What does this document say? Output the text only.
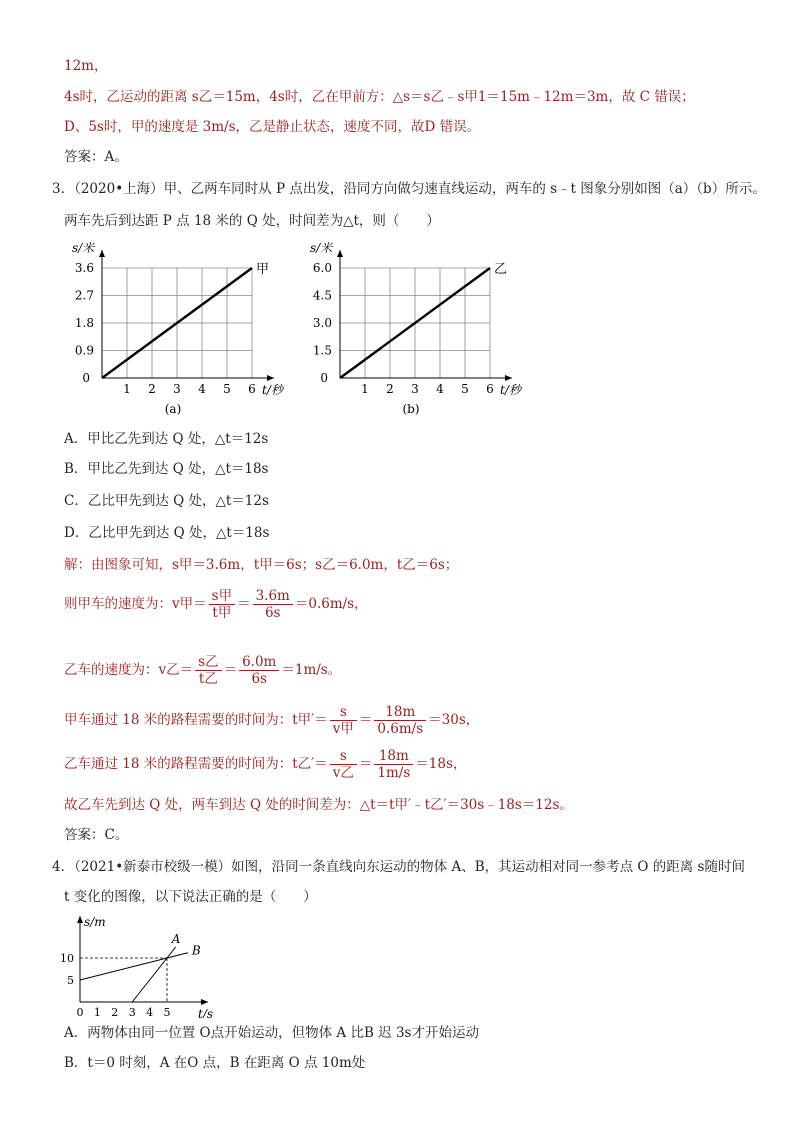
12m，
4s时，乙运动的距离 s乙＝15m，4s时，乙在甲前方：△s＝s乙﹣s甲1＝15m﹣12m＝3m，故 C 错误；
D、5s时，甲的速度是 3m/s，乙是静止状态，速度不同，故D 错误。
答案：A。
3．（2020•上海）甲、乙两车同时从 P 点出发，沿同方向做匀速直线运动，两车的 s﹣t 图象分别如图（a）（b）所示。
两车先后到达距 P 点 18 米的 Q 处，时间差为△t，则（　　）
1 2 3 4 5 6
0.9
1.8
2.7
3.6
0
s/米
t/秒
甲
(a)
1 2 3 4 5 6
1.5
3.0
4.5
6.0
0
s/米
t/秒
乙
(b)
A．甲比乙先到达 Q 处，△t＝12s
B．甲比乙先到达 Q 处，△t＝18s
C．乙比甲先到达 Q 处，△t＝12s
D．乙比甲先到达 Q 处，△t＝18s
解：由图象可知，s甲＝3.6m，t甲＝6s；s乙＝6.0m，t乙＝6s；
则甲车的速度为：v甲＝ s甲
t甲
＝ $\frac{3.6m}{6s} =0.6m/s$，
乙车的速度为：v乙＝ s乙
t乙
＝ $\frac{6.0m}{6s} =1m/s$。
甲车通过 18 米的路程需要的时间为：t甲′＝ s
v甲
＝ $\frac{18m}{0.6m/s} =30s$，
乙车通过 18 米的路程需要的时间为：t乙′＝ s
v乙
＝ $\frac{18m}{1m/s} =18s$，
故乙车先到达 Q 处，两车到达 Q 处的时间差为：△t＝t甲′﹣t乙′＝30s﹣18s＝12s。
答案：C。
4．（2021•新泰市校级一模）如图，沿同一条直线向东运动的物体 A、B，其运动相对同一参考点 O 的距离 s随时间
t 变化的图像，以下说法正确的是（　　）
0 1 2 3 4 5
5
10
s/m
t/s
A
B
A．两物体由同一位置 O点开始运动，但物体 A 比B 迟 3s才开始运动
B．t＝0 时刻，A 在O 点，B 在距离 O 点 10m处
